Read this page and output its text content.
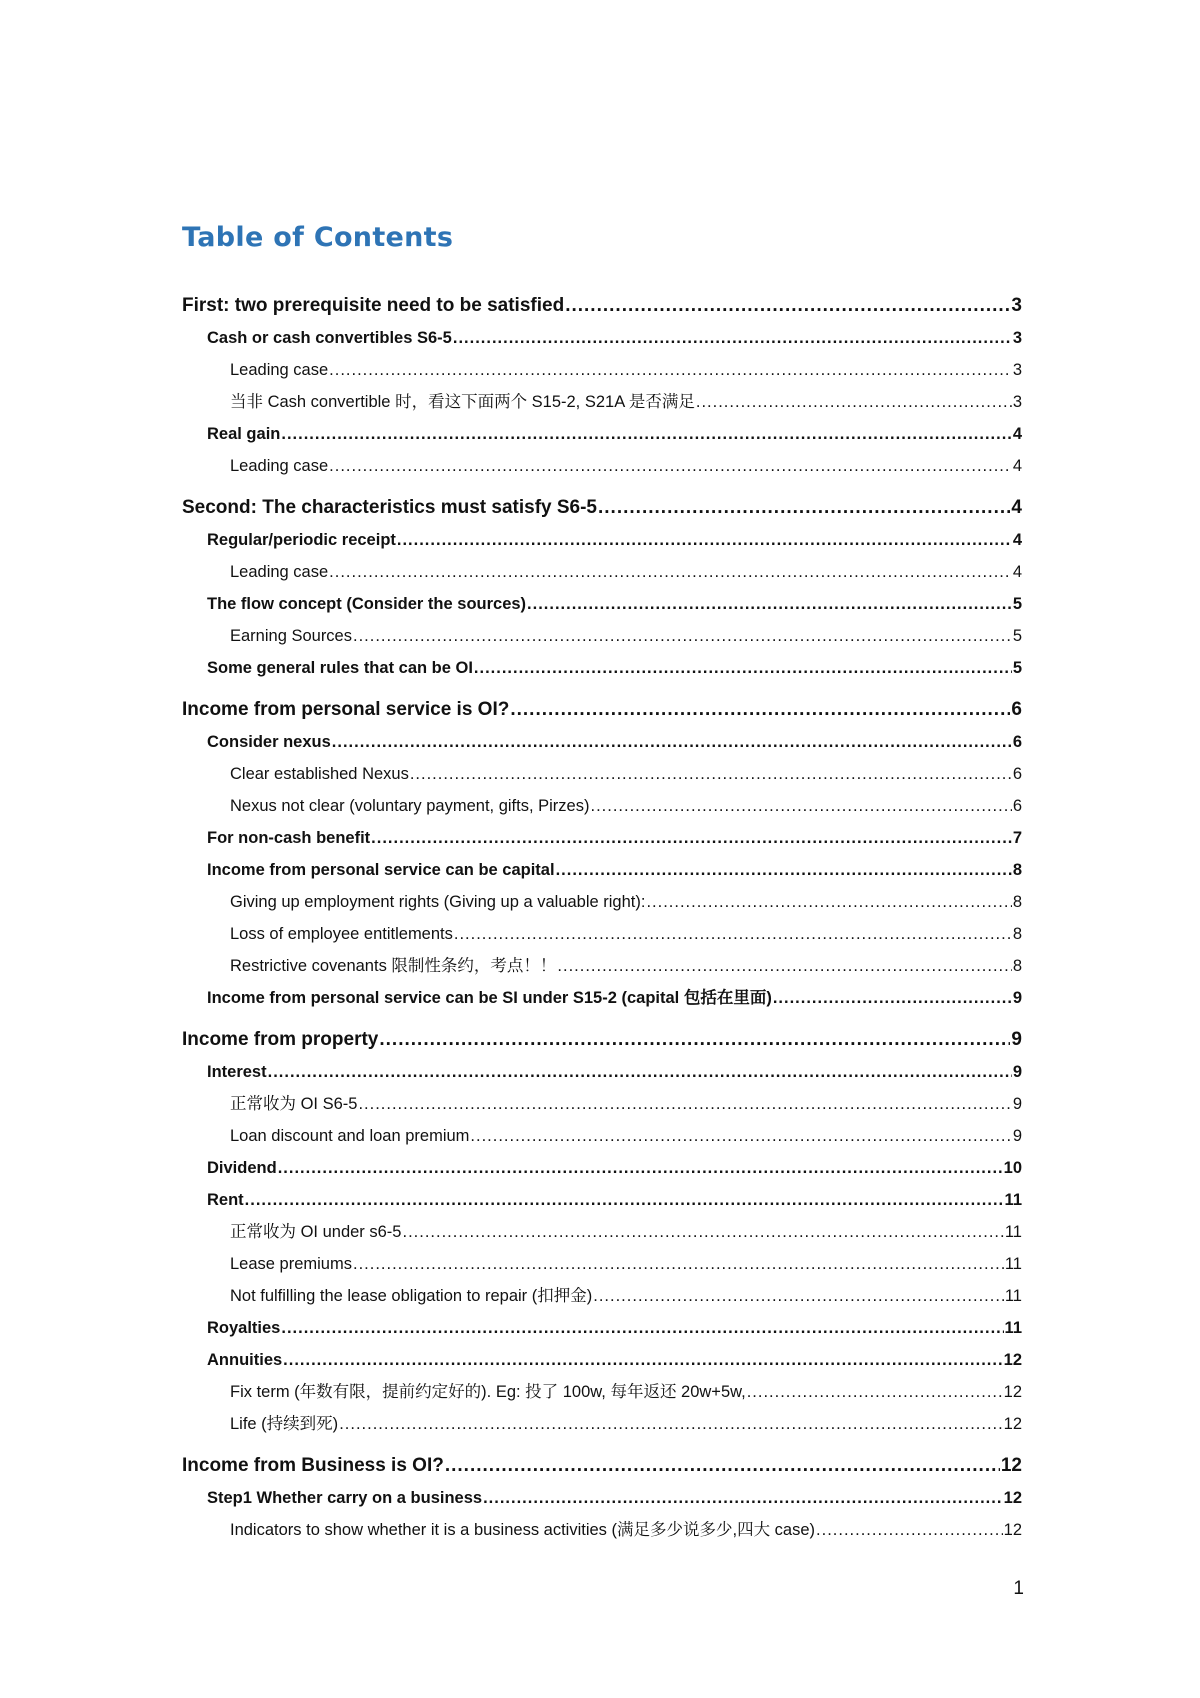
Table of Contents
First: two prerequisite need to be satisfied .....	3
Cash or cash convertibles S6-5 .....	3
Leading case .....	3
当非 Cash convertible 时，看这下面两个 S15-2, S21A 是否满足 .....	3
Real gain .....	4
Leading case .....	4
Second: The characteristics must satisfy S6-5 .....	4
Regular/periodic receipt .....	4
Leading case .....	4
The flow concept (Consider the sources) .....	5
Earning Sources .....	5
Some general rules that can be OI .....	5
Income from personal service is OI? .....	6
Consider nexus .....	6
Clear established Nexus .....	6
Nexus not clear (voluntary payment, gifts, Pirzes) .....	6
For non-cash benefit .....	7
Income from personal service can be capital .....	8
Giving up employment rights (Giving up a valuable right): .....	8
Loss of employee entitlements .....	8
Restrictive covenants 限制性条约，考点！！ .....	8
Income from personal service can be SI under S15-2 (capital 包括在里面) .....	9
Income from property .....	9
Interest .....	9
正常收为 OI S6-5 .....	9
Loan discount and loan premium .....	9
Dividend .....	10
Rent .....	11
正常收为 OI under s6-5 .....	11
Lease premiums .....	11
Not fulfilling the lease obligation to repair (扣押金) .....	11
Royalties .....	11
Annuities .....	12
Fix term (年数有限，提前约定好的). Eg: 投了 100w, 每年返还 20w+5w, .....	12
Life (持续到死) .....	12
Income from Business is OI? .....	12
Step1 Whether carry on a business .....	12
Indicators to show whether it is a business activities (满足多少说多少,四大 case) .....	12

1
